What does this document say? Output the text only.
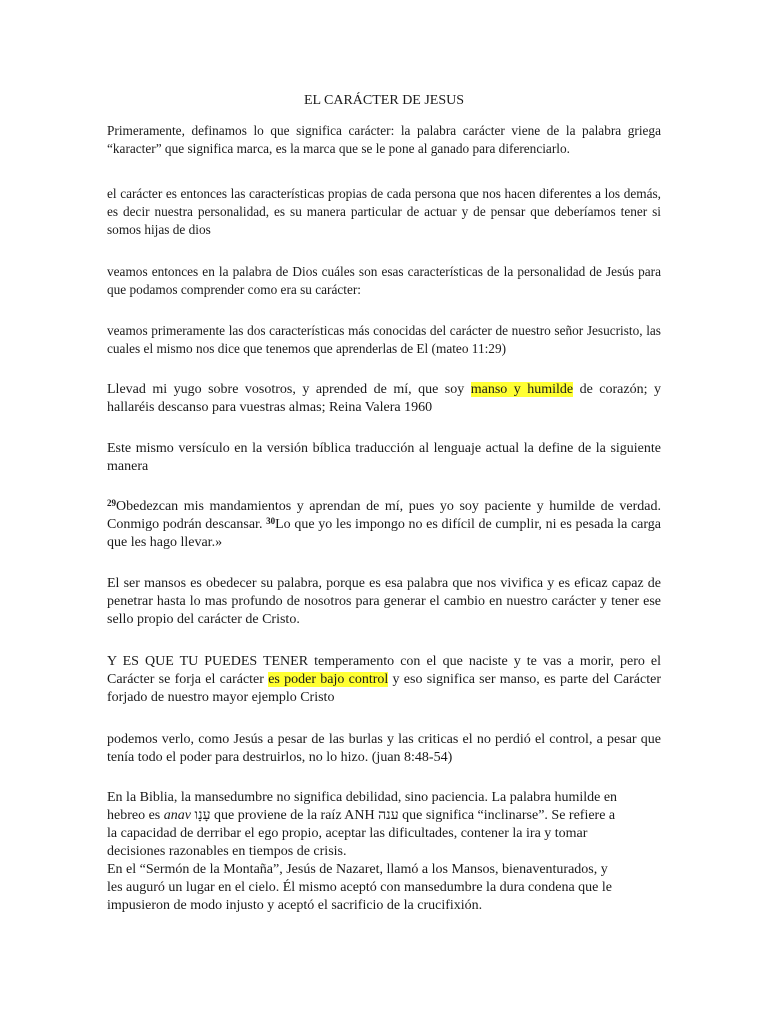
EL CARÁCTER DE JESUS

Primeramente, definamos lo que significa carácter: la palabra carácter viene de la palabra griega “karacter” que significa marca, es la marca que se le pone al ganado para diferenciarlo.

el carácter es entonces las características propias de cada persona que nos hacen diferentes a los demás, es decir nuestra personalidad, es su manera particular de actuar y de pensar que deberíamos tener si somos hijas de dios

veamos entonces en la palabra de Dios cuáles son esas características de la personalidad de Jesús para que podamos comprender como era su carácter:

veamos primeramente las dos características más conocidas del carácter de nuestro señor Jesucristo, las cuales el mismo nos dice que tenemos que aprenderlas de El (mateo 11:29)

Llevad mi yugo sobre vosotros, y aprended de mí, que soy manso y humilde de corazón; y hallaréis descanso para vuestras almas; Reina Valera 1960

Este mismo versículo en la versión bíblica traducción al lenguaje actual la define de la siguiente manera

$^{29}$Obedezcan mis mandamientos y aprendan de mí, pues yo soy paciente y humilde de verdad. Conmigo podrán descansar. $^{30}$Lo que yo les impongo no es difícil de cumplir, ni es pesada la carga que les hago llevar.»

El ser mansos es obedecer su palabra, porque es esa palabra que nos vivifica y es eficaz capaz de penetrar hasta lo mas profundo de nosotros para generar el cambio en nuestro carácter y tener ese sello propio del carácter de Cristo.

Y ES QUE TU PUEDES TENER temperamento con el que naciste y te vas a morir, pero el Carácter se forja el carácter es poder bajo control y eso significa ser manso, es parte del Carácter forjado de nuestro mayor ejemplo Cristo

podemos verlo, como Jesús a pesar de las burlas y las criticas el no perdió el control, a pesar que tenía todo el poder para destruirlos, no lo hizo. (juan 8:48-54)

En la Biblia, la mansedumbre no significa debilidad, sino paciencia. La palabra humilde en
hebreo es anav עָנָו que proviene de la raíz ANH ענה que significa “inclinarse”. Se refiere a
la capacidad de derribar el ego propio, aceptar las dificultades, contener la ira y tomar
decisiones razonables en tiempos de crisis.
En el “Sermón de la Montaña”, Jesús de Nazaret, llamó a los Mansos, bienaventurados, y
les auguró un lugar en el cielo. Él mismo aceptó con mansedumbre la dura condena que le
impusieron de modo injusto y aceptó el sacrificio de la crucifixión.
